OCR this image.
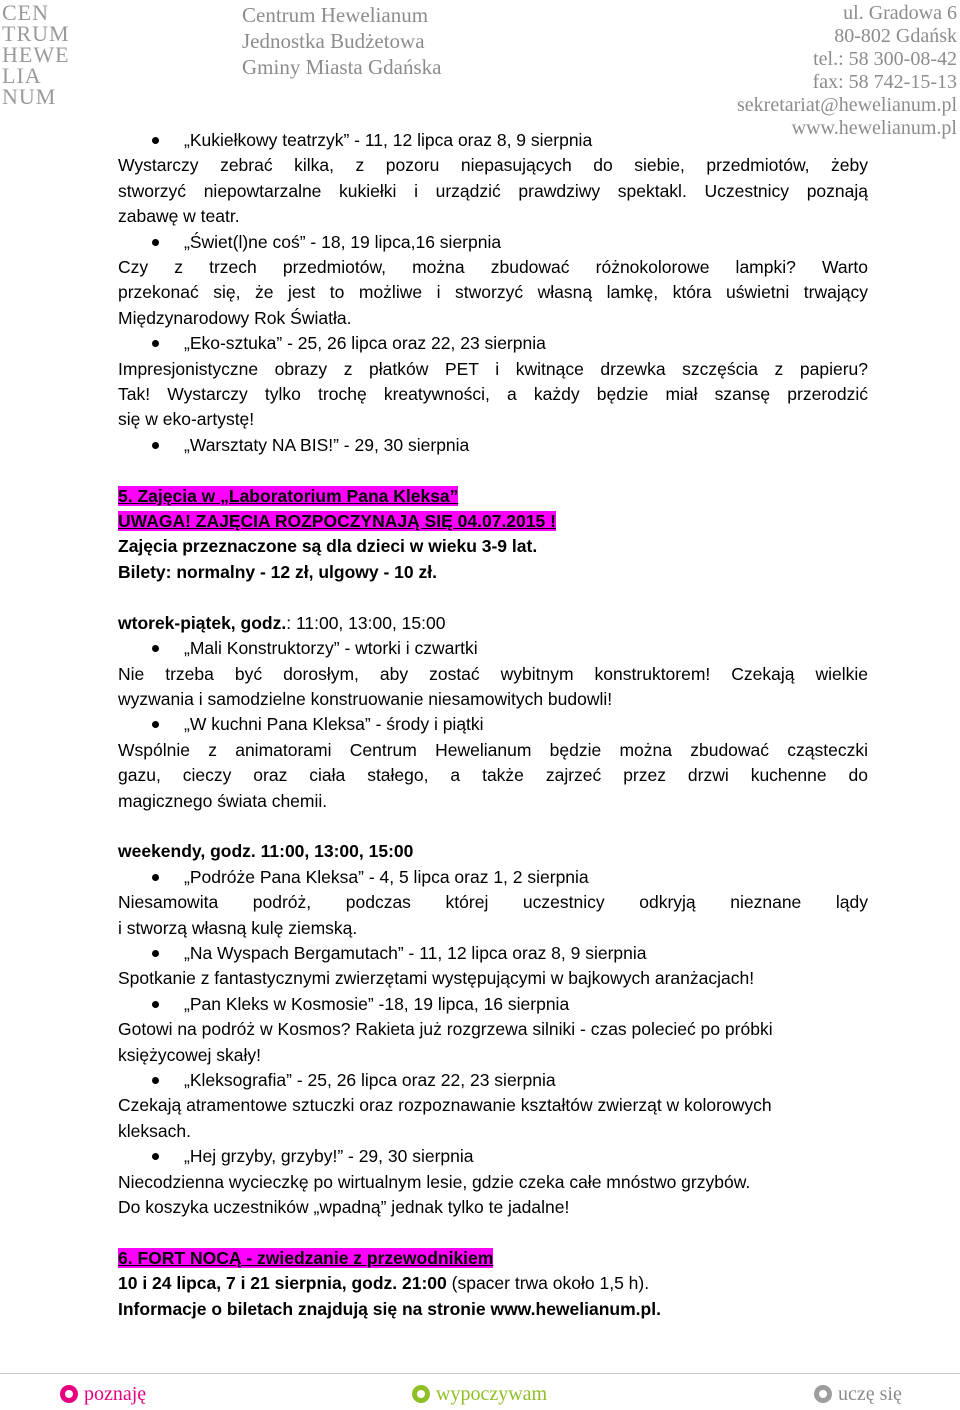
CEN
TRUM
HEWE
LIA
NUM
Centrum Hewelianum
Jednostka Budżetowa
Gminy Miasta Gdańska
ul. Gradowa 6
80-802 Gdańsk
tel.: 58 300-08-42
fax: 58 742-15-13
sekretariat@hewelianum.pl
www.hewelianum.pl
„Kukiełkowy teatrzyk” - 11, 12 lipca oraz 8, 9 sierpnia
Wystarczy zebrać kilka, z pozoru niepasujących do siebie, przedmiotów, żeby
stworzyć niepowtarzalne kukiełki i urządzić prawdziwy spektakl. Uczestnicy poznają
zabawę w teatr.
„Świet(l)ne coś” - 18, 19 lipca,16 sierpnia
Czy z trzech przedmiotów, można zbudować różnokolorowe lampki? Warto
przekonać się, że jest to możliwe i stworzyć własną lamkę, która uświetni trwający
Międzynarodowy Rok Światła.
„Eko-sztuka” - 25, 26 lipca oraz 22, 23 sierpnia
Impresjonistyczne obrazy z płatków PET i kwitnące drzewka szczęścia z papieru?
Tak! Wystarczy tylko trochę kreatywności, a każdy będzie miał szansę przerodzić
się w eko-artystę!
„Warsztaty NA BIS!” - 29, 30 sierpnia
5. Zajęcia w „Laboratorium Pana Kleksa”
UWAGA! ZAJĘCIA ROZPOCZYNAJĄ SIĘ 04.07.2015 !
Zajęcia przeznaczone są dla dzieci w wieku 3-9 lat.
Bilety: normalny - 12 zł, ulgowy - 10 zł.
wtorek-piątek, godz.: 11:00, 13:00, 15:00
„Mali Konstruktorzy” - wtorki i czwartki
Nie trzeba być dorosłym, aby zostać wybitnym konstruktorem! Czekają wielkie
wyzwania i samodzielne konstruowanie niesamowitych budowli!
„W kuchni Pana Kleksa” - środy i piątki
Wspólnie z animatorami Centrum Hewelianum będzie można zbudować cząsteczki
gazu, cieczy oraz ciała stałego, a także zajrzeć przez drzwi kuchenne do
magicznego świata chemii.
weekendy, godz. 11:00, 13:00, 15:00
„Podróże Pana Kleksa” - 4, 5 lipca oraz 1, 2 sierpnia
Niesamowita podróż, podczas której uczestnicy odkryją nieznane lądy
i stworzą własną kulę ziemską.
„Na Wyspach Bergamutach” - 11, 12 lipca oraz 8, 9 sierpnia
Spotkanie z fantastycznymi zwierzętami występującymi w bajkowych aranżacjach!
„Pan Kleks w Kosmosie” -18, 19 lipca, 16 sierpnia
Gotowi na podróż w Kosmos? Rakieta już rozgrzewa silniki - czas polecieć po próbki
księżycowej skały!
„Kleksografia” - 25, 26 lipca oraz 22, 23 sierpnia
Czekają atramentowe sztuczki oraz rozpoznawanie kształtów zwierząt w kolorowych
kleksach.
„Hej grzyby, grzyby!” - 29, 30 sierpnia
Niecodzienna wycieczkę po wirtualnym lesie, gdzie czeka całe mnóstwo grzybów.
Do koszyka uczestników „wpadną” jednak tylko te jadalne!
6. FORT NOCĄ - zwiedzanie z przewodnikiem
10 i 24 lipca, 7 i 21 sierpnia, godz. 21:00 (spacer trwa około 1,5 h).
Informacje o biletach znajdują się na stronie www.hewelianum.pl.
poznaję	wypoczywam	uczę się
